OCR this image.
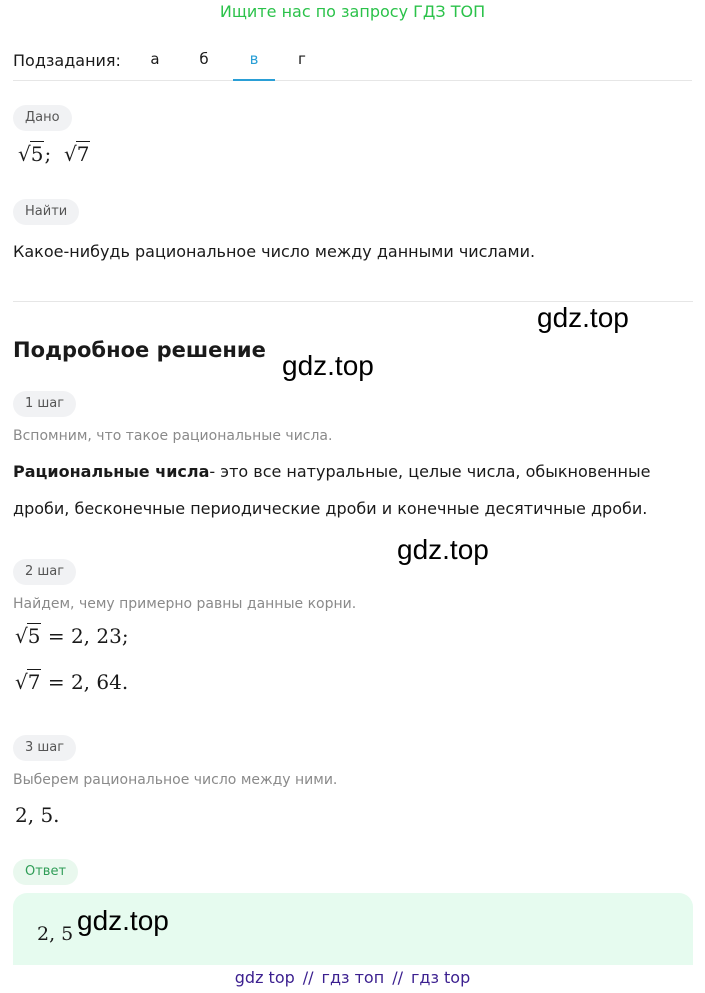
Ищите нас по запросу ГДЗ ТОП
Подзадания:	а	б	в	г
Дано
√5; √7
Найти
Какое-нибудь рациональное число между данными числами.
Подробное решение
1 шаг
Вспомним, что такое рациональные числа.
Рациональные числа- это все натуральные, целые числа, обыкновенные
дроби, бесконечные периодические дроби и конечные десятичные дроби.
2 шаг
Найдем, чему примерно равны данные корни.
√5 = 2, 23;
√7 = 2, 64.
3 шаг
Выберем рациональное число между ними.
2, 5.
Ответ
2, 5
gdz.top
gdz.top
gdz.top
gdz.top
gdz top // гдз топ // гдз top
